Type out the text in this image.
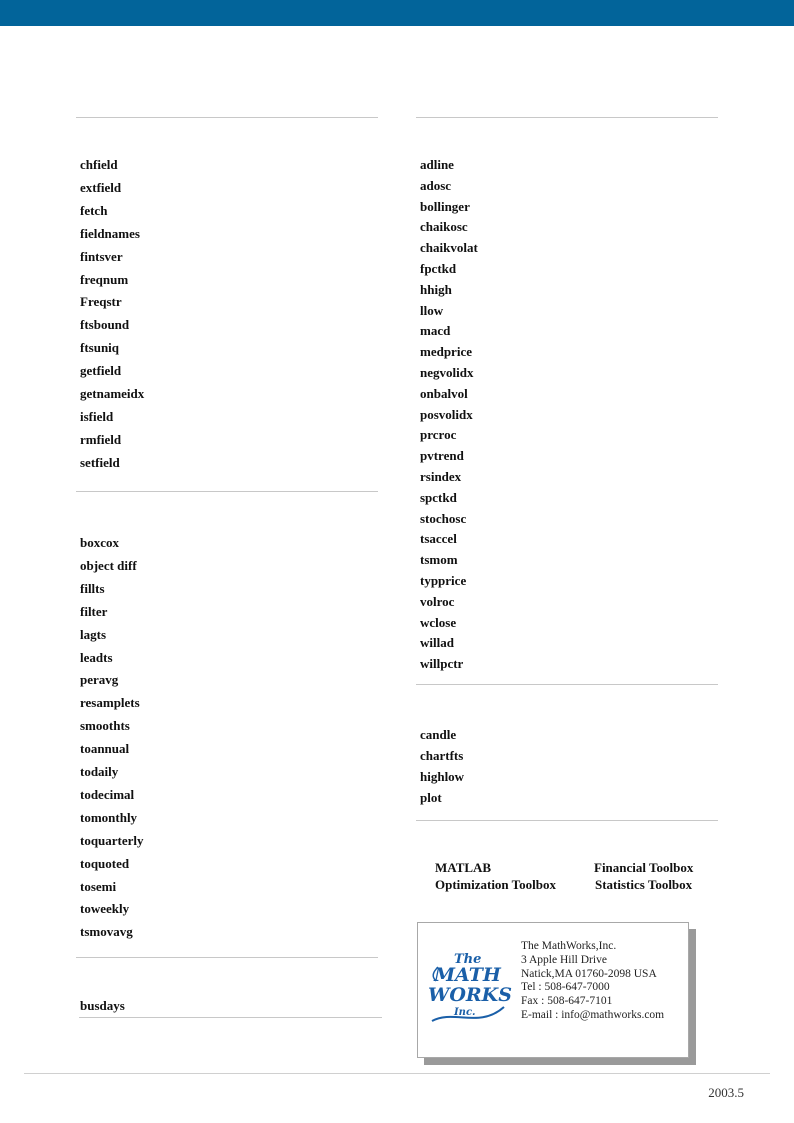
chfield
extfield
fetch
fieldnames
fintsver
freqnum
Freqstr
ftsbound
ftsuniq
getfield
getnameidx
isfield
rmfield
setfield
boxcox
object diff
fillts
filter
lagts
leadts
peravg
resamplets
smoothts
toannual
todaily
todecimal
tomonthly
toquarterly
toquoted
tosemi
toweekly
tsmovavg
busdays
adline
adosc
bollinger
chaikosc
chaikvolat
fpctkd
hhigh
llow
macd
medprice
negvolidx
onbalvol
posvolidx
prcroc
pvtrend
rsindex
spctkd
stochosc
tsaccel
tsmom
typprice
volroc
wclose
willad
willpctr
candle
chartfts
highlow
plot
MATLAB	Financial Toolbox
Optimization Toolbox	Statistics Toolbox
The
MATH
WORKS
Inc.
The MathWorks,Inc.
3 Apple Hill Drive
Natick,MA 01760-2098 USA
Tel : 508-647-7000
Fax : 508-647-7101
E-mail : info@mathworks.com
2003.5
